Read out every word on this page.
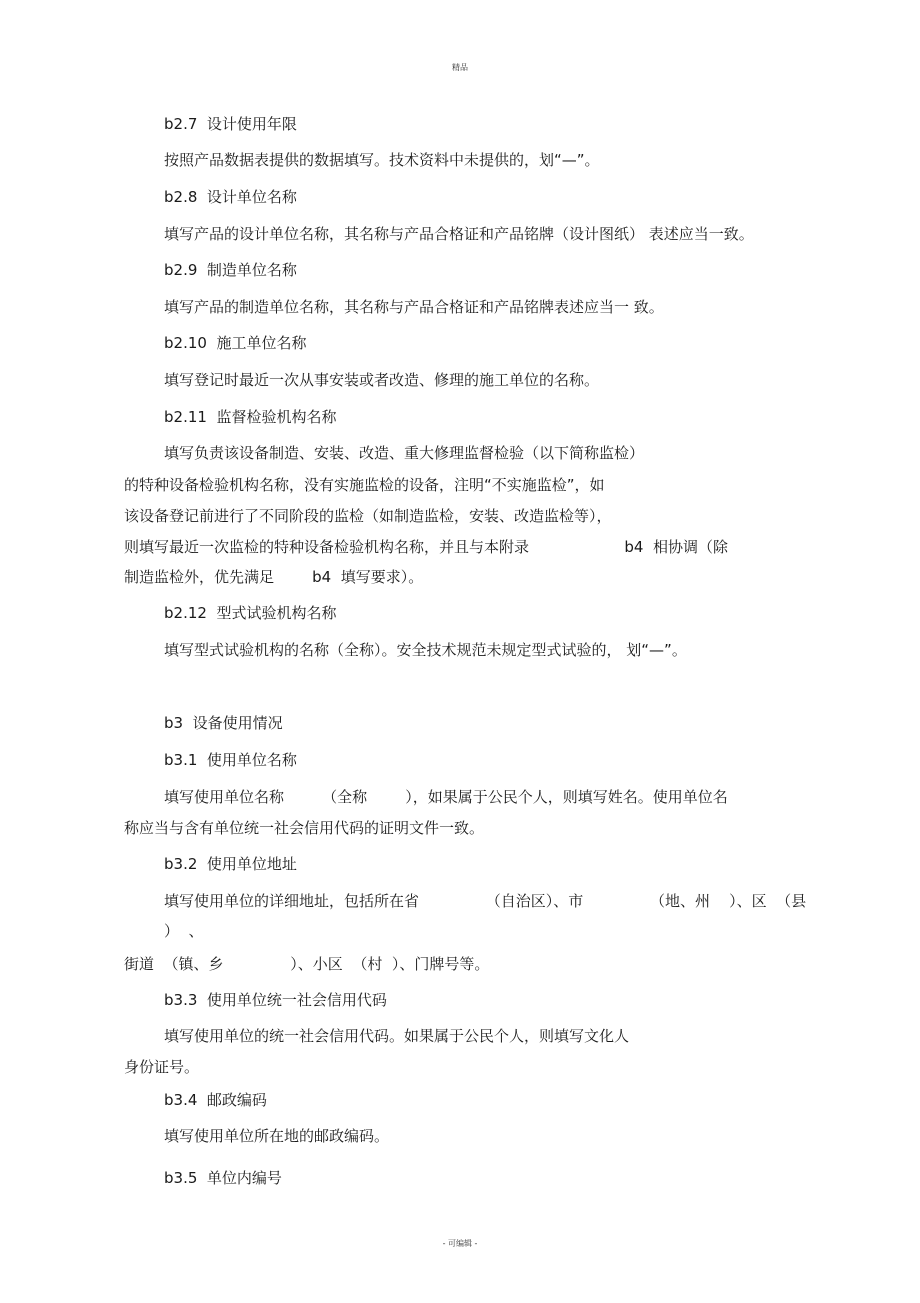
精品
b2.7  设计使用年限
按照产品数据表提供的数据填写。技术资料中未提供的，划“—”。
b2.8  设计单位名称
填写产品的设计单位名称，其名称与产品合格证和产品铭牌（设计图纸） 表述应当一致。
b2.9  制造单位名称
填写产品的制造单位名称，其名称与产品合格证和产品铭牌表述应当一 致。
b2.10  施工单位名称
填写登记时最近一次从事安装或者改造、修理的施工单位的名称。
b2.11  监督检验机构名称
填写负责该设备制造、安装、改造、重大修理监督检验（以下简称监检）
的特种设备检验机构名称，没有实施监检的设备，注明“不实施监检”，如
该设备登记前进行了不同阶段的监检（如制造监检，安装、改造监检等），
则填写最近一次监检的特种设备检验机构名称，并且与本附录                    b4  相协调（除
制造监检外，优先满足        b4  填写要求）。
b2.12  型式试验机构名称
填写型式试验机构的名称（全称）。安全技术规范未规定型式试验的， 划“—”。
b3  设备使用情况
b3.1  使用单位名称
填写使用单位名称        （全称        ），如果属于公民个人，则填写姓名。使用单位名
称应当与含有单位统一社会信用代码的证明文件一致。
b3.2  使用单位地址
填写使用单位的详细地址，包括所在省              （自治区）、市              （地、州    ）、区  （县
）  、
街道  （镇、乡              ）、小区  （村  ）、门牌号等。
b3.3  使用单位统一社会信用代码
填写使用单位的统一社会信用代码。如果属于公民个人，则填写文化人
身份证号。
b3.4  邮政编码
填写使用单位所在地的邮政编码。
b3.5  单位内编号
- 可编辑 -
